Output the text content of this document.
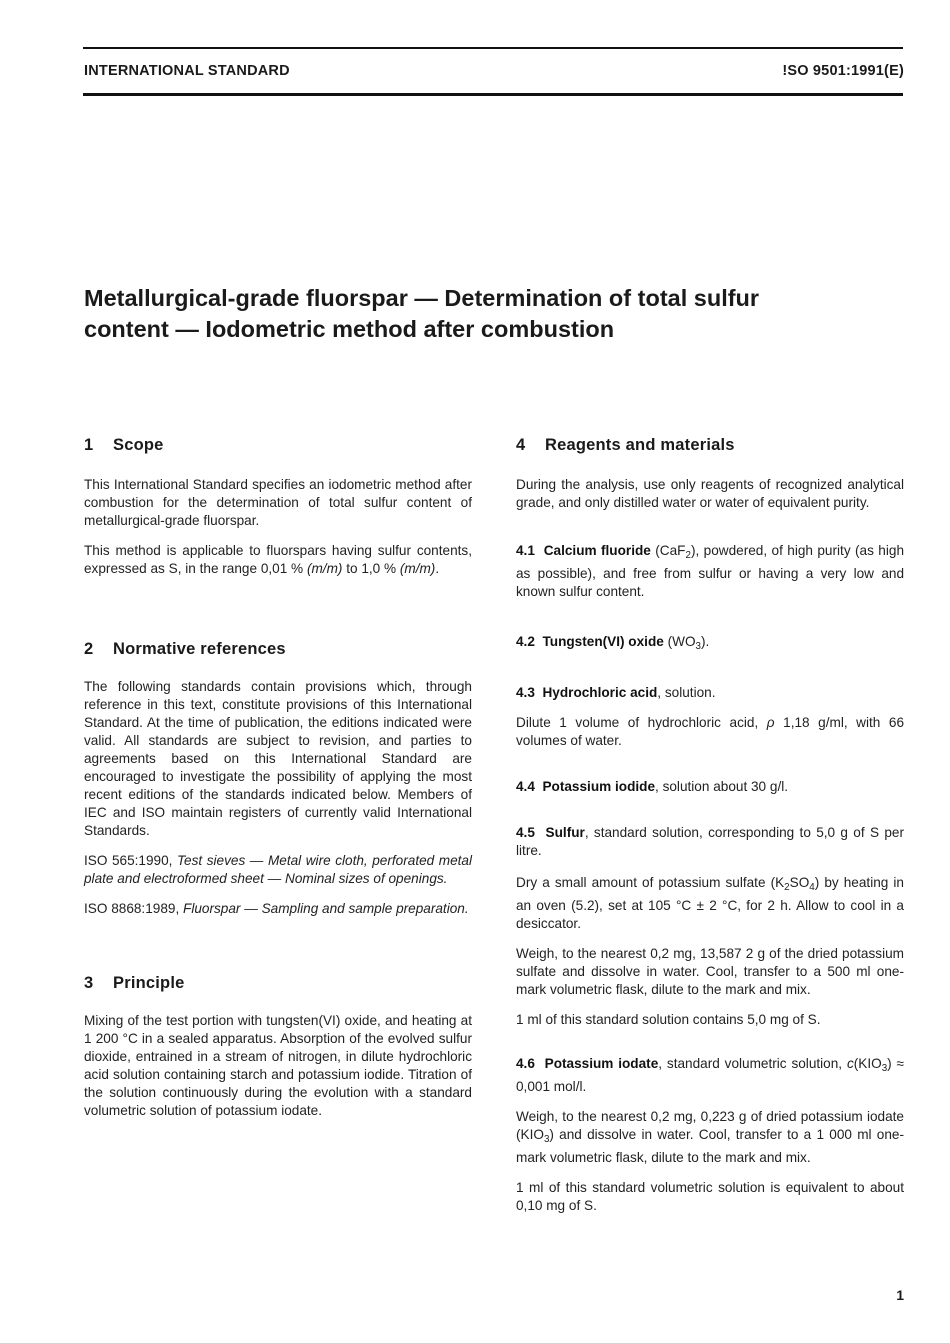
INTERNATIONAL STANDARD	!SO 9501:1991(E)
Metallurgical-grade fluorspar — Determination of total sulfur
content — Iodometric method after combustion
1 Scope

This International Standard specifies an iodometric method after combustion for the determination of total sulfur content of metallurgical-grade fluorspar.

This method is applicable to fluorspars having sulfur contents, expressed as S, in the range 0,01 % (m/m) to 1,0 % (m/m).

2 Normative references

The following standards contain provisions which, through reference in this text, constitute provisions of this International Standard. At the time of publication, the editions indicated were valid. All standards are subject to revision, and parties to agreements based on this International Standard are encouraged to investigate the possibility of applying the most recent editions of the standards indicated below. Members of IEC and ISO maintain registers of currently valid International Standards.

ISO 565:1990, Test sieves — Metal wire cloth, perforated metal plate and electroformed sheet — Nominal sizes of openings.

ISO 8868:1989, Fluorspar — Sampling and sample preparation.

3 Principle

Mixing of the test portion with tungsten(VI) oxide, and heating at 1 200 °C in a sealed apparatus. Absorption of the evolved sulfur dioxide, entrained in a stream of nitrogen, in dilute hydrochloric acid solution containing starch and potassium iodide. Titration of the solution continuously during the evolution with a standard volumetric solution of potassium iodate.

4 Reagents and materials

During the analysis, use only reagents of recognized analytical grade, and only distilled water or water of equivalent purity.

4.1 Calcium fluoride (CaF$_2$), powdered, of high purity (as high as possible), and free from sulfur or having a very low and known sulfur content.

4.2 Tungsten(VI) oxide $(WO_3)$.

4.3 Hydrochloric acid, solution.

Dilute 1 volume of hydrochloric acid, ρ 1,18 g/ml, with 66 volumes of water.

4.4 Potassium iodide, solution about 30 g/l.

4.5 Sulfur, standard solution, corresponding to 5,0 g of S per litre.

Dry a small amount of potassium sulfate $(K_2SO_4)$ by heating in an oven (5.2), set at 105 °C ± 2 °C, for 2 h. Allow to cool in a desiccator.

Weigh, to the nearest 0,2 mg, 13,587 2 g of the dried potassium sulfate and dissolve in water. Cool, transfer to a 500 ml one-mark volumetric flask, dilute to the mark and mix.

1 ml of this standard solution contains 5,0 mg of S.

4.6 Potassium iodate, standard volumetric solution, $c(KIO_3) \approx 0,001$ mol/l.

Weigh, to the nearest 0,2 mg, 0,223 g of dried potassium iodate $(KIO_3)$ and dissolve in water. Cool, transfer to a 1 000 ml one-mark volumetric flask, dilute to the mark and mix.

1 ml of this standard volumetric solution is equivalent to about 0,10 mg of S.

1
